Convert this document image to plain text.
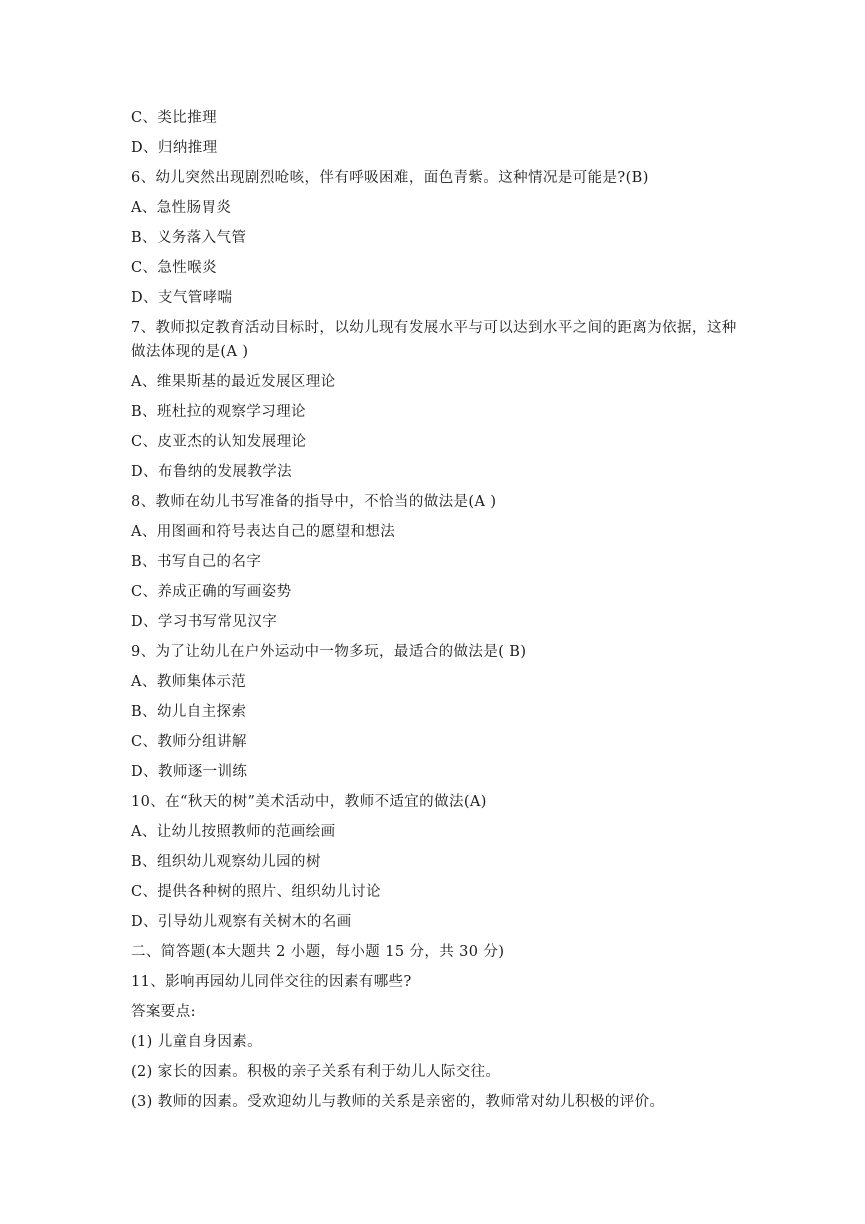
C、类比推理
D、归纳推理
6、幼儿突然出现剧烈呛咳，伴有呼吸困难，面色青紫。这种情况是可能是?(B)
A、急性肠胃炎
B、义务落入气管
C、急性喉炎
D、支气管哮喘
7、教师拟定教育活动目标时，以幼儿现有发展水平与可以达到水平之间的距离为依据，这种做法体现的是(A )
A、维果斯基的最近发展区理论
B、班杜拉的观察学习理论
C、皮亚杰的认知发展理论
D、布鲁纳的发展教学法
8、教师在幼儿书写准备的指导中，不恰当的做法是(A )
A、用图画和符号表达自己的愿望和想法
B、书写自己的名字
C、养成正确的写画姿势
D、学习书写常见汉字
9、为了让幼儿在户外运动中一物多玩，最适合的做法是( B)
A、教师集体示范
B、幼儿自主探索
C、教师分组讲解
D、教师逐一训练
10、在“秋天的树”美术活动中，教师不适宜的做法(A)
A、让幼儿按照教师的范画绘画
B、组织幼儿观察幼儿园的树
C、提供各种树的照片、组织幼儿讨论
D、引导幼儿观察有关树木的名画
二、简答题(本大题共 2 小题，每小题 15 分，共 30 分)
11、影响再园幼儿同伴交往的因素有哪些?
答案要点:
(1) 儿童自身因素。
(2) 家长的因素。积极的亲子关系有利于幼儿人际交往。
(3) 教师的因素。受欢迎幼儿与教师的关系是亲密的，教师常对幼儿积极的评价。
